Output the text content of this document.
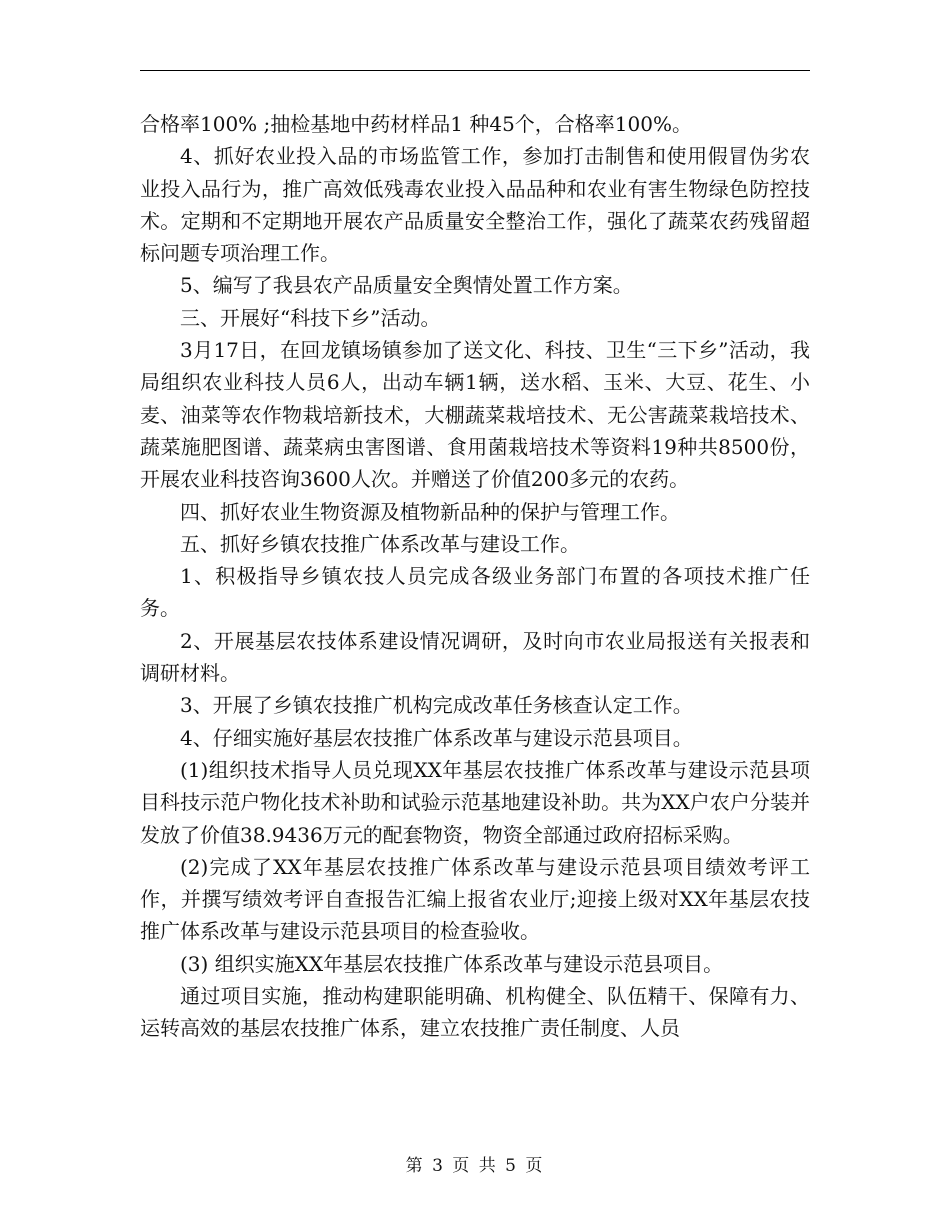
合格率100% ;抽检基地中药材样品1 种45个，合格率100%。

4、抓好农业投入品的市场监管工作，参加打击制售和使用假冒伪劣农业投入品行为，推广高效低残毒农业投入品品种和农业有害生物绿色防控技术。定期和不定期地开展农产品质量安全整治工作，强化了蔬菜农药残留超标问题专项治理工作。

5、编写了我县农产品质量安全舆情处置工作方案。

三、开展好“科技下乡”活动。

3月17日，在回龙镇场镇参加了送文化、科技、卫生“三下乡”活动，我局组织农业科技人员6人，出动车辆1辆，送水稻、玉米、大豆、花生、小麦、油菜等农作物栽培新技术，大棚蔬菜栽培技术、无公害蔬菜栽培技术、蔬菜施肥图谱、蔬菜病虫害图谱、食用菌栽培技术等资料19种共8500份，开展农业科技咨询3600人次。并赠送了价值200多元的农药。

四、抓好农业生物资源及植物新品种的保护与管理工作。

五、抓好乡镇农技推广体系改革与建设工作。

1、积极指导乡镇农技人员完成各级业务部门布置的各项技术推广任务。

2、开展基层农技体系建设情况调研，及时向市农业局报送有关报表和调研材料。

3、开展了乡镇农技推广机构完成改革任务核查认定工作。

4、仔细实施好基层农技推广体系改革与建设示范县项目。

(1)组织技术指导人员兑现XX年基层农技推广体系改革与建设示范县项目科技示范户物化技术补助和试验示范基地建设补助。共为XX户农户分装并发放了价值38.9436万元的配套物资，物资全部通过政府招标采购。

(2)完成了XX年基层农技推广体系改革与建设示范县项目绩效考评工作，并撰写绩效考评自查报告汇编上报省农业厅;迎接上级对XX年基层农技推广体系改革与建设示范县项目的检查验收。

(3) 组织实施XX年基层农技推广体系改革与建设示范县项目。

通过项目实施，推动构建职能明确、机构健全、队伍精干、保障有力、运转高效的基层农技推广体系，建立农技推广责任制度、人员

第 3 页 共 5 页
